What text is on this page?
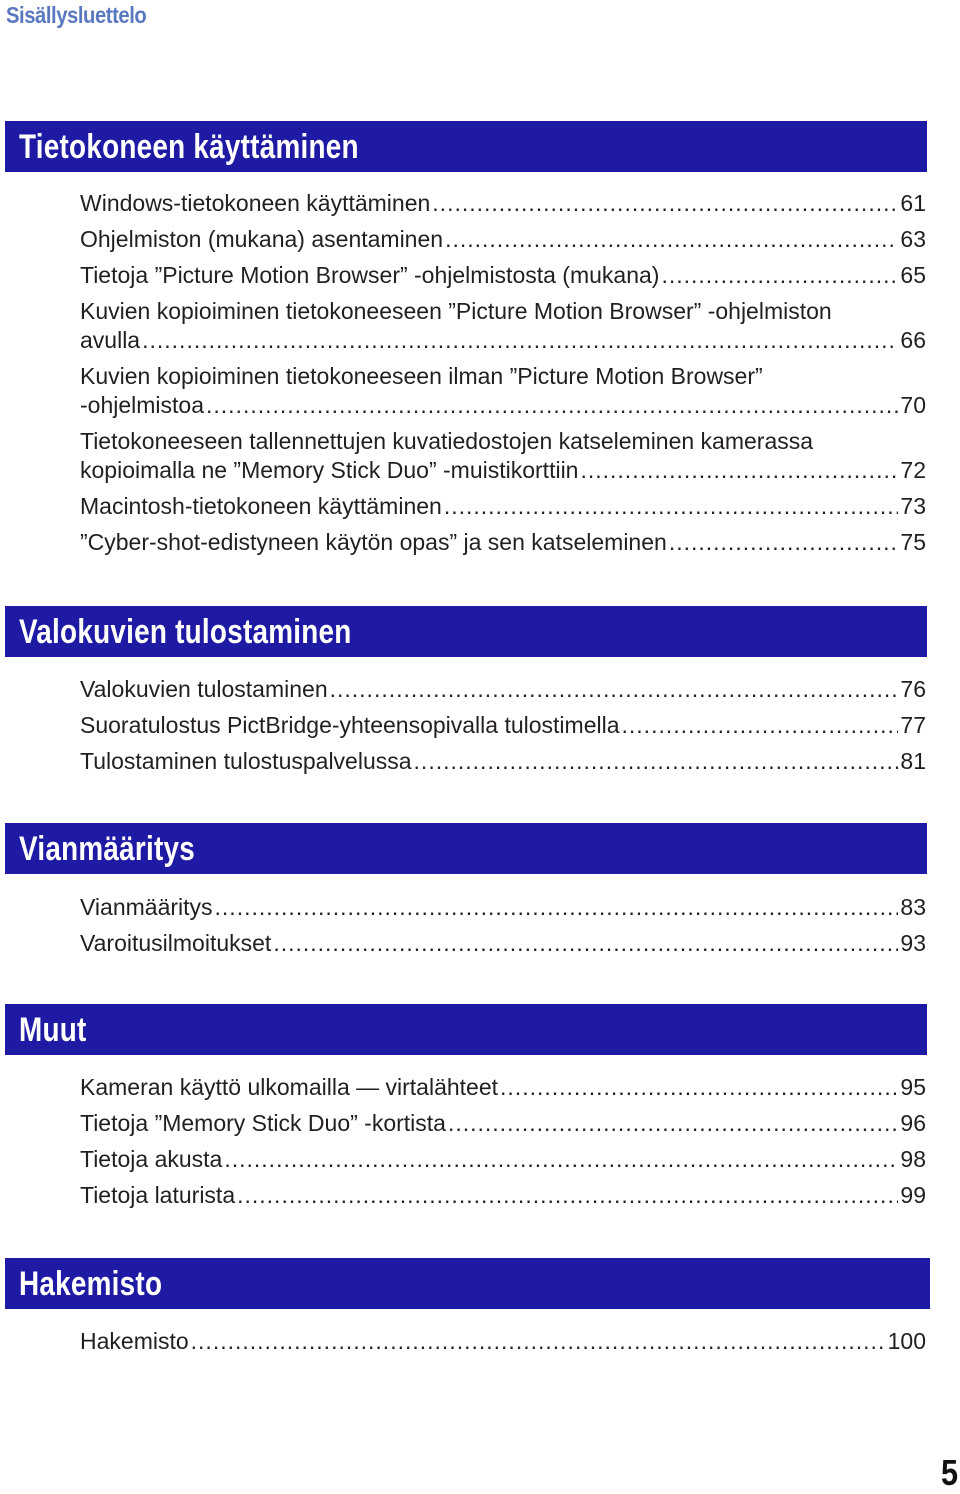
Sisällysluettelo
Tietokoneen käyttäminen
Windows-tietokoneen käyttäminen .....	61
Ohjelmiston (mukana) asentaminen .....	63
Tietoja ”Picture Motion Browser” -ohjelmistosta (mukana) .....	65
Kuvien kopioiminen tietokoneeseen ”Picture Motion Browser” -ohjelmiston
avulla .....	66
Kuvien kopioiminen tietokoneeseen ilman ”Picture Motion Browser”
-ohjelmistoa .....	70
Tietokoneeseen tallennettujen kuvatiedostojen katseleminen kamerassa
kopioimalla ne ”Memory Stick Duo” -muistikorttiin .....	72
Macintosh-tietokoneen käyttäminen .....	73
”Cyber-shot-edistyneen käytön opas” ja sen katseleminen .....	75
Valokuvien tulostaminen
Valokuvien tulostaminen .....	76
Suoratulostus PictBridge-yhteensopivalla tulostimella .....	77
Tulostaminen tulostuspalvelussa .....	81
Vianmääritys
Vianmääritys .....	83
Varoitusilmoitukset .....	93
Muut
Kameran käyttö ulkomailla — virtalähteet .....	95
Tietoja ”Memory Stick Duo” -kortista .....	96
Tietoja akusta .....	98
Tietoja laturista .....	99
Hakemisto
Hakemisto .....	100
5
